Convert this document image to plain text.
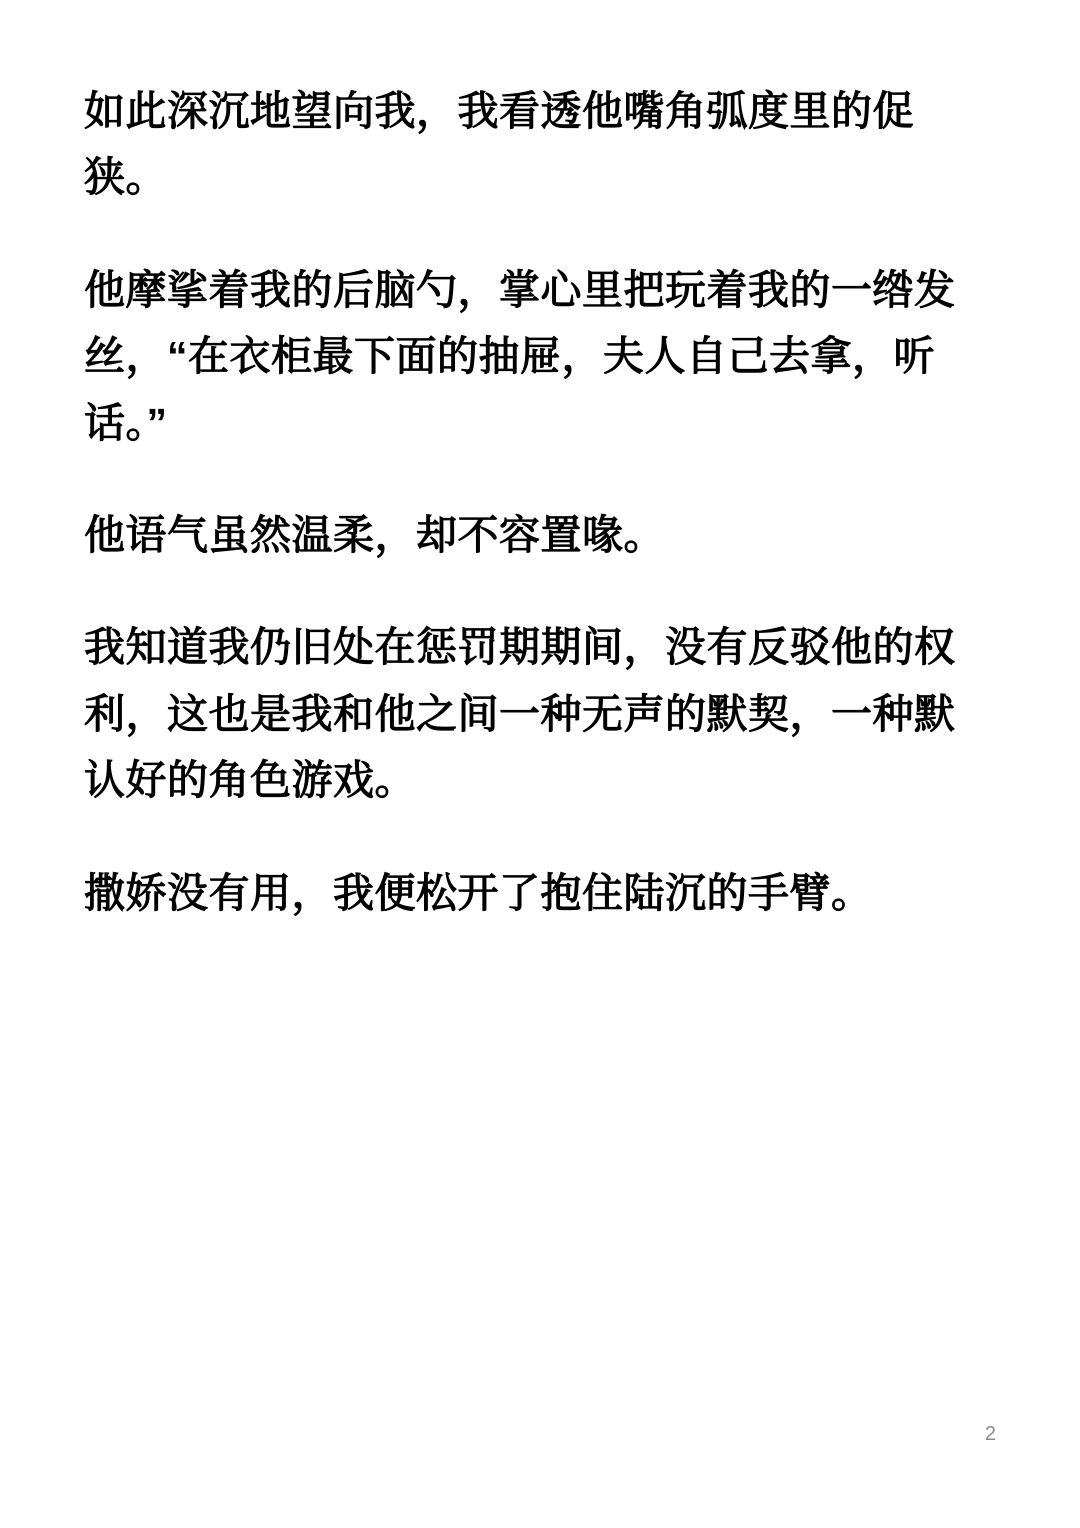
如此深沉地望向我，我看透他嘴角弧度里的促狭。

他摩挲着我的后脑勺，掌心里把玩着我的一绺发丝，“在衣柜最下面的抽屉，夫人自己去拿，听话。”

他语气虽然温柔，却不容置喙。

我知道我仍旧处在惩罚期期间，没有反驳他的权利，这也是我和他之间一种无声的默契，一种默认好的角色游戏。

撒娇没有用，我便松开了抱住陆沉的手臂。

2
